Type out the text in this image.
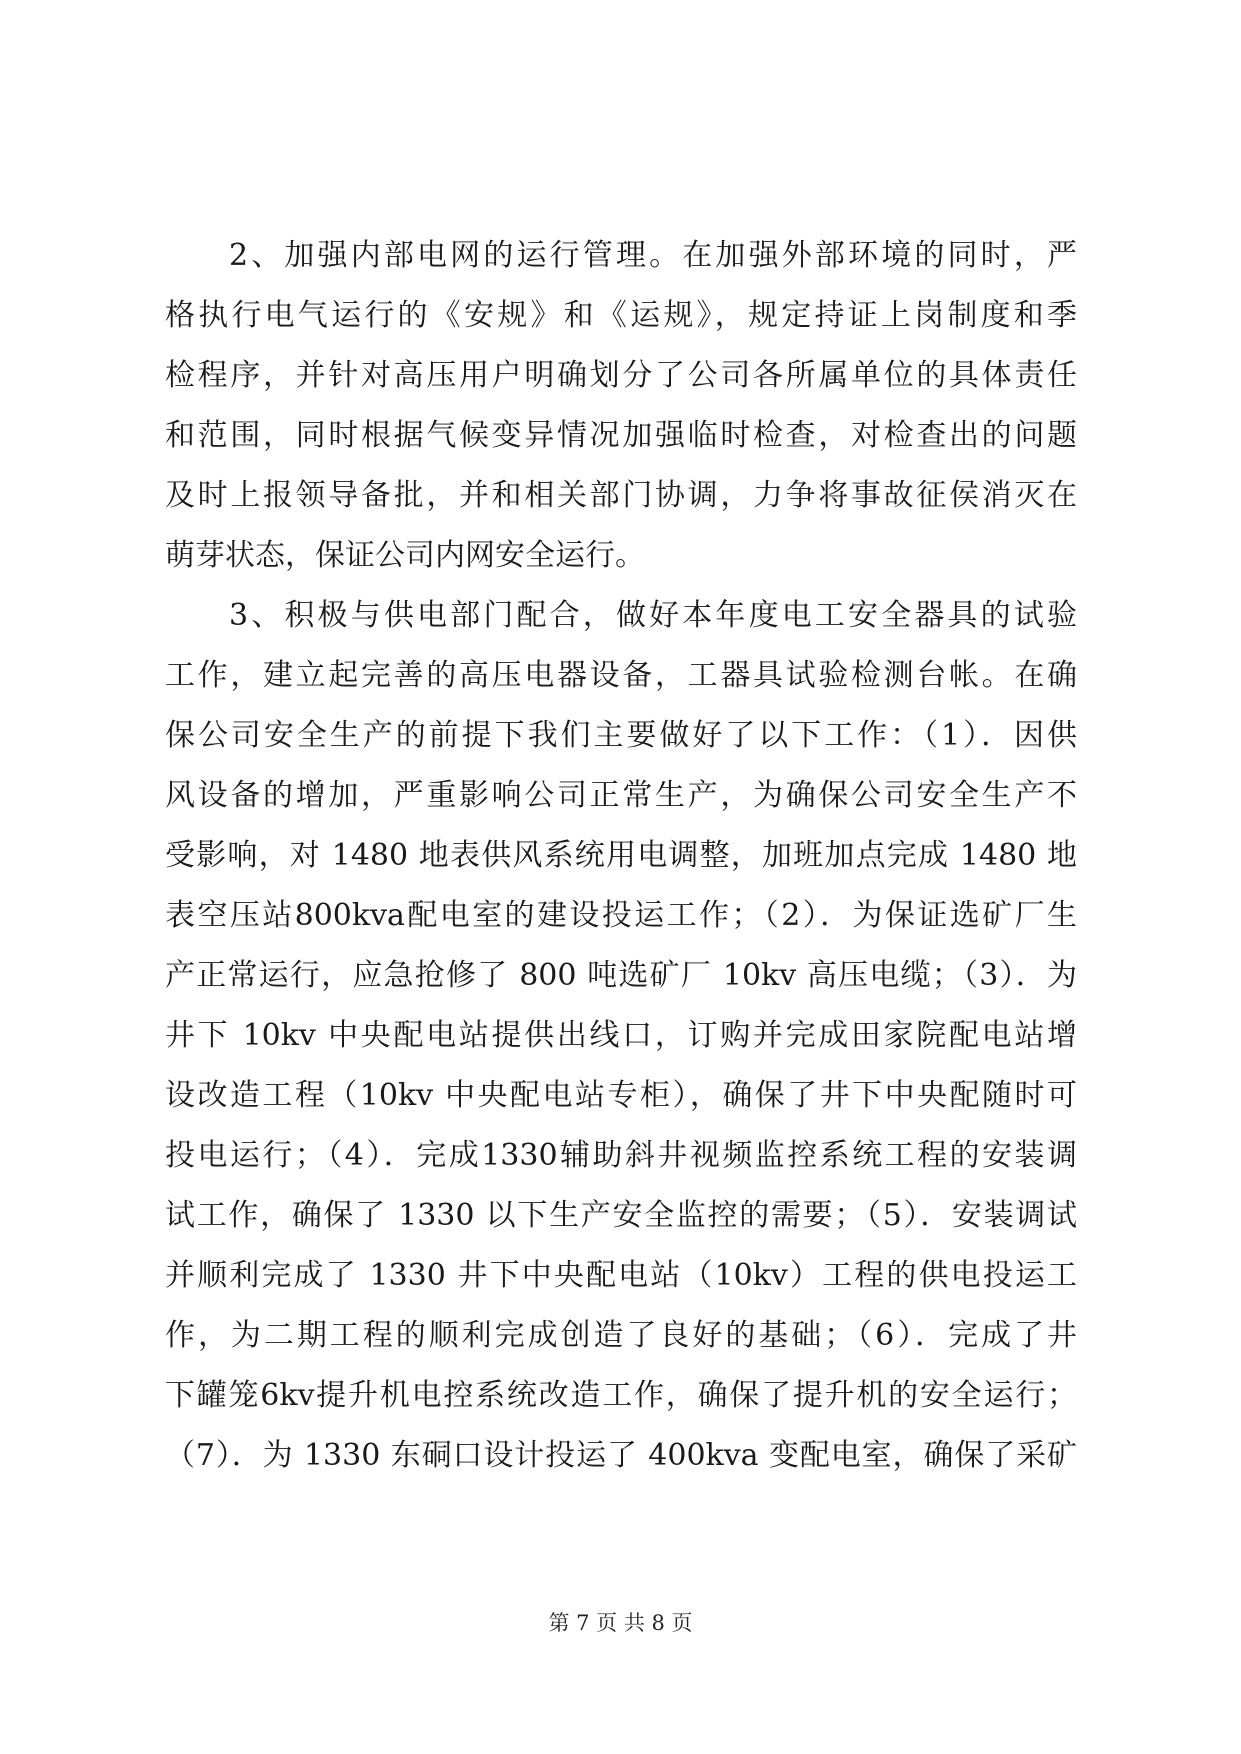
2、加强内部电网的运行管理。在加强外部环境的同时，严
格执行电气运行的《安规》和《运规》，规定持证上岗制度和季
检程序，并针对高压用户明确划分了公司各所属单位的具体责任
和范围，同时根据气候变异情况加强临时检查，对检查出的问题
及时上报领导备批，并和相关部门协调，力争将事故征侯消灭在
萌芽状态，保证公司内网安全运行。
3、积极与供电部门配合，做好本年度电工安全器具的试验
工作，建立起完善的高压电器设备，工器具试验检测台帐。在确
保公司安全生产的前提下我们主要做好了以下工作：（1）．因供
风设备的增加，严重影响公司正常生产，为确保公司安全生产不
受影响，对 1480 地表供风系统用电调整，加班加点完成 1480 地
表空压站800kva配电室的建设投运工作；（2）．为保证选矿厂生
产正常运行，应急抢修了 800 吨选矿厂 10kv 高压电缆；（3）．为
井下 10kv 中央配电站提供出线口，订购并完成田家院配电站增
设改造工程（10kv 中央配电站专柜），确保了井下中央配随时可
投电运行；（4）．完成1330辅助斜井视频监控系统工程的安装调
试工作，确保了 1330 以下生产安全监控的需要；（5）．安装调试
并顺利完成了 1330 井下中央配电站（10kv）工程的供电投运工
作，为二期工程的顺利完成创造了良好的基础；（6）．完成了井
下罐笼6kv提升机电控系统改造工作，确保了提升机的安全运行；
（7）．为 1330 东硐口设计投运了 400kva 变配电室，确保了采矿
第 7 页 共 8 页
